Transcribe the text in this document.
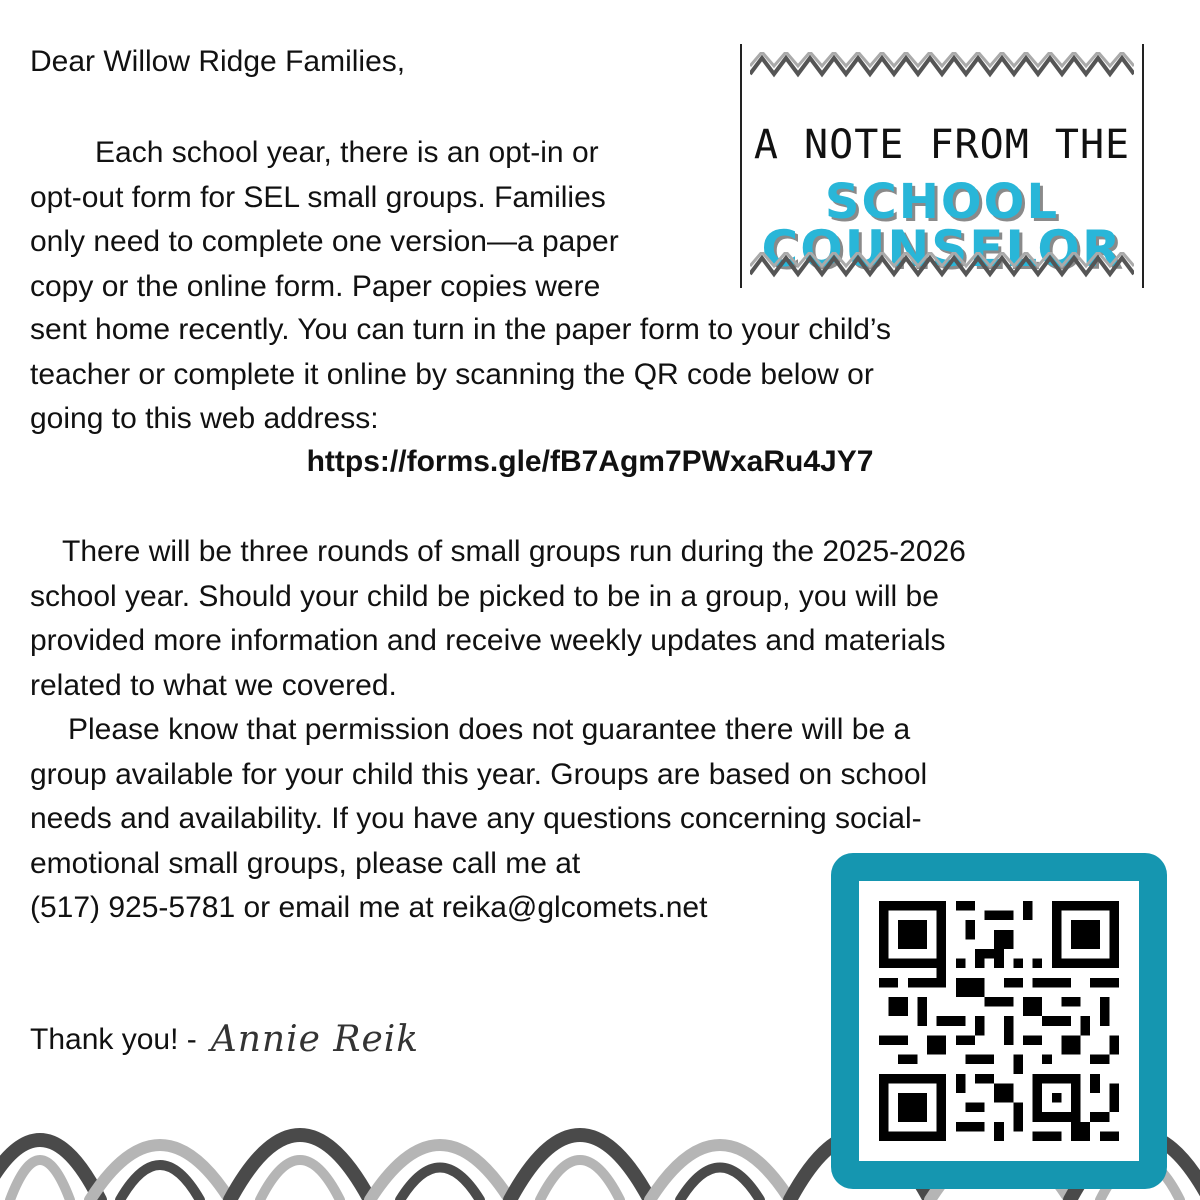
Dear Willow Ridge Families,
Each school year, there is an opt-in or
opt-out form for SEL small groups. Families
only need to complete one version—a paper
copy or the online form. Paper copies were
sent home recently. You can turn in the paper form to your child’s
teacher or complete it online by scanning the QR code below or
going to this web address:
https://forms.gle/fB7Agm7PWxaRu4JY7
There will be three rounds of small groups run during the 2025-2026
school year. Should your child be picked to be in a group, you will be
provided more information and receive weekly updates and materials
related to what we covered.
Please know that permission does not guarantee there will be a
group available for your child this year. Groups are based on school
needs and availability. If you have any questions concerning social-
emotional small groups, please call me at
(517) 925-5781 or email me at reika@glcomets.net
Thank you! - Annie Reik
A NOTE FROM THE
SCHOOL
COUNSELOR
